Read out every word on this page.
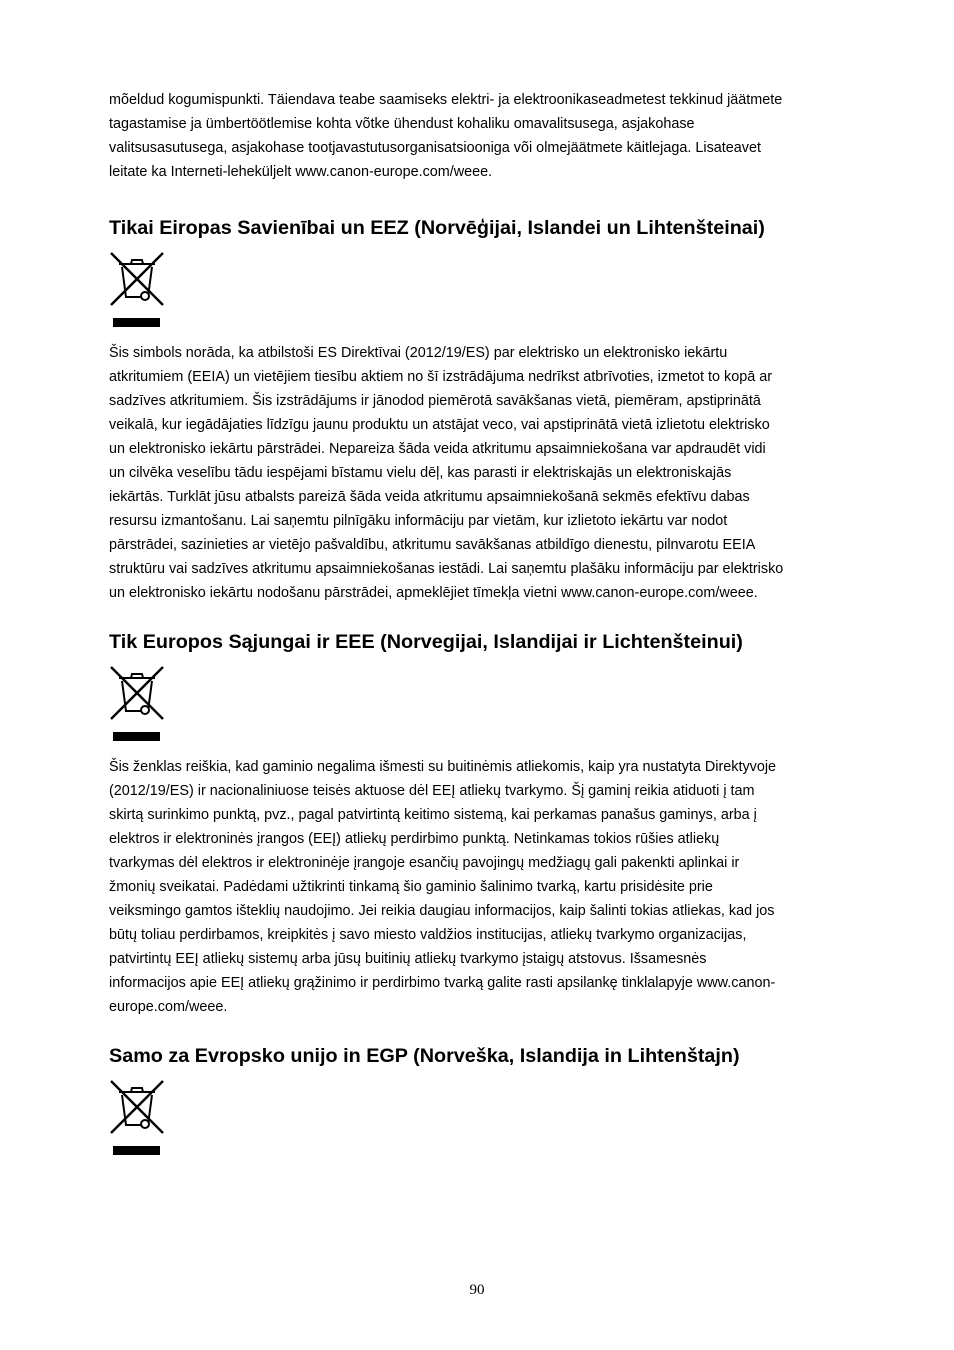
mõeldud kogumispunkti. Täiendava teabe saamiseks elektri- ja elektroonikaseadmetest tekkinud jäätmete
tagastamise ja ümbertöötlemise kohta võtke ühendust kohaliku omavalitsusega, asjakohase
valitsusasutusega, asjakohase tootjavastutusorganisatsiooniga või olmejäätmete käitlejaga. Lisateavet
leitate ka Interneti-leheküljelt www.canon-europe.com/weee.

Tikai Eiropas Savienībai un EEZ (Norvēģijai, Islandei un Lihtenšteinai)

Šis simbols norāda, ka atbilstoši ES Direktīvai (2012/19/ES) par elektrisko un elektronisko iekārtu
atkritumiem (EEIA) un vietējiem tiesību aktiem no šī izstrādājuma nedrīkst atbrīvoties, izmetot to kopā ar
sadzīves atkritumiem. Šis izstrādājums ir jānodod piemērotā savākšanas vietā, piemēram, apstiprinātā
veikalā, kur iegādājaties līdzīgu jaunu produktu un atstājat veco, vai apstiprinātā vietā izlietotu elektrisko
un elektronisko iekārtu pārstrādei. Nepareiza šāda veida atkritumu apsaimniekošana var apdraudēt vidi
un cilvēka veselību tādu iespējami bīstamu vielu dēļ, kas parasti ir elektriskajās un elektroniskajās
iekārtās. Turklāt jūsu atbalsts pareizā šāda veida atkritumu apsaimniekošanā sekmēs efektīvu dabas
resursu izmantošanu. Lai saņemtu pilnīgāku informāciju par vietām, kur izlietoto iekārtu var nodot
pārstrādei, sazinieties ar vietējo pašvaldību, atkritumu savākšanas atbildīgo dienestu, pilnvarotu EEIA
struktūru vai sadzīves atkritumu apsaimniekošanas iestādi. Lai saņemtu plašāku informāciju par elektrisko
un elektronisko iekārtu nodošanu pārstrādei, apmeklējiet tīmekļa vietni www.canon-europe.com/weee.

Tik Europos Sąjungai ir EEE (Norvegijai, Islandijai ir Lichtenšteinui)

Šis ženklas reiškia, kad gaminio negalima išmesti su buitinėmis atliekomis, kaip yra nustatyta Direktyvoje
(2012/19/ES) ir nacionaliniuose teisės aktuose dėl EEĮ atliekų tvarkymo. Šį gaminį reikia atiduoti į tam
skirtą surinkimo punktą, pvz., pagal patvirtintą keitimo sistemą, kai perkamas panašus gaminys, arba į
elektros ir elektroninės įrangos (EEĮ) atliekų perdirbimo punktą. Netinkamas tokios rūšies atliekų
tvarkymas dėl elektros ir elektroninėje įrangoje esančių pavojingų medžiagų gali pakenkti aplinkai ir
žmonių sveikatai. Padėdami užtikrinti tinkamą šio gaminio šalinimo tvarką, kartu prisidėsite prie
veiksmingo gamtos išteklių naudojimo. Jei reikia daugiau informacijos, kaip šalinti tokias atliekas, kad jos
būtų toliau perdirbamos, kreipkitės į savo miesto valdžios institucijas, atliekų tvarkymo organizacijas,
patvirtintų EEĮ atliekų sistemų arba jūsų buitinių atliekų tvarkymo įstaigų atstovus. Išsamesnės
informacijos apie EEĮ atliekų grąžinimo ir perdirbimo tvarką galite rasti apsilankę tinklalapyje www.canon-
europe.com/weee.

Samo za Evropsko unijo in EGP (Norveška, Islandija in Lihtenštajn)
90
